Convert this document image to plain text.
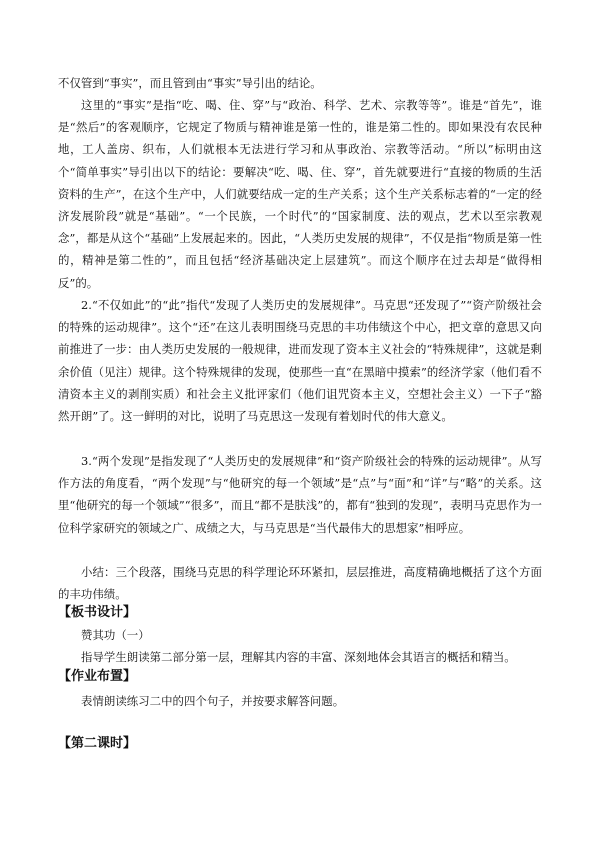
不仅管到“事实”，而且管到由“事实”导引出的结论。

这里的“事实”是指“吃、喝、住、穿”与“政治、科学、艺术、宗教等等”。谁是“首先”，谁是“然后”的客观顺序，它规定了物质与精神谁是第一性的，谁是第二性的。即如果没有农民种地，工人盖房、织布，人们就根本无法进行学习和从事政治、宗教等活动。“所以”标明由这个“简单事实”导引出以下的结论：要解决“吃、喝、住、穿”，首先就要进行“直接的物质的生活资料的生产”，在这个生产中，人们就要结成一定的生产关系；这个生产关系标志着的“一定的经济发展阶段”就是“基础”。“一个民族，一个时代”的“国家制度、法的观点，艺术以至宗教观念”，都是从这个“基础”上发展起来的。因此，“人类历史发展的规律”，不仅是指“物质是第一性的，精神是第二性的”，而且包括“经济基础决定上层建筑”。而这个顺序在过去却是“做得相反”的。

2.“不仅如此”的“此”指代“发现了人类历史的发展规律”。马克思“还发现了”“资产阶级社会的特殊的运动规律”。这个“还”在这儿表明围绕马克思的丰功伟绩这个中心，把文章的意思又向前推进了一步：由人类历史发展的一般规律，进而发现了资本主义社会的“特殊规律”，这就是剩余价值（见注）规律。这个特殊规律的发现，使那些一直“在黑暗中摸索”的经济学家（他们看不清资本主义的剥削实质）和社会主义批评家们（他们诅咒资本主义，空想社会主义）一下子“豁然开朗”了。这一鲜明的对比，说明了马克思这一发现有着划时代的伟大意义。

3.“两个发现”是指发现了“人类历史的发展规律”和“资产阶级社会的特殊的运动规律”。从写作方法的角度看，“两个发现”与“他研究的每一个领域”是“点”与“面”和“详”与“略”的关系。这里“他研究的每一个领域”“很多”，而且“都不是肤浅”的，都有“独到的发现”，表明马克思作为一位科学家研究的领域之广、成绩之大，与马克思是“当代最伟大的思想家”相呼应。

小结：三个段落，围绕马克思的科学理论环环紧扣，层层推进，高度精确地概括了这个方面的丰功伟绩。

【板书设计】

赞其功（一）

指导学生朗读第二部分第一层，理解其内容的丰富、深刻地体会其语言的概括和精当。

【作业布置】

表情朗读练习二中的四个句子，并按要求解答问题。

【第二课时】
